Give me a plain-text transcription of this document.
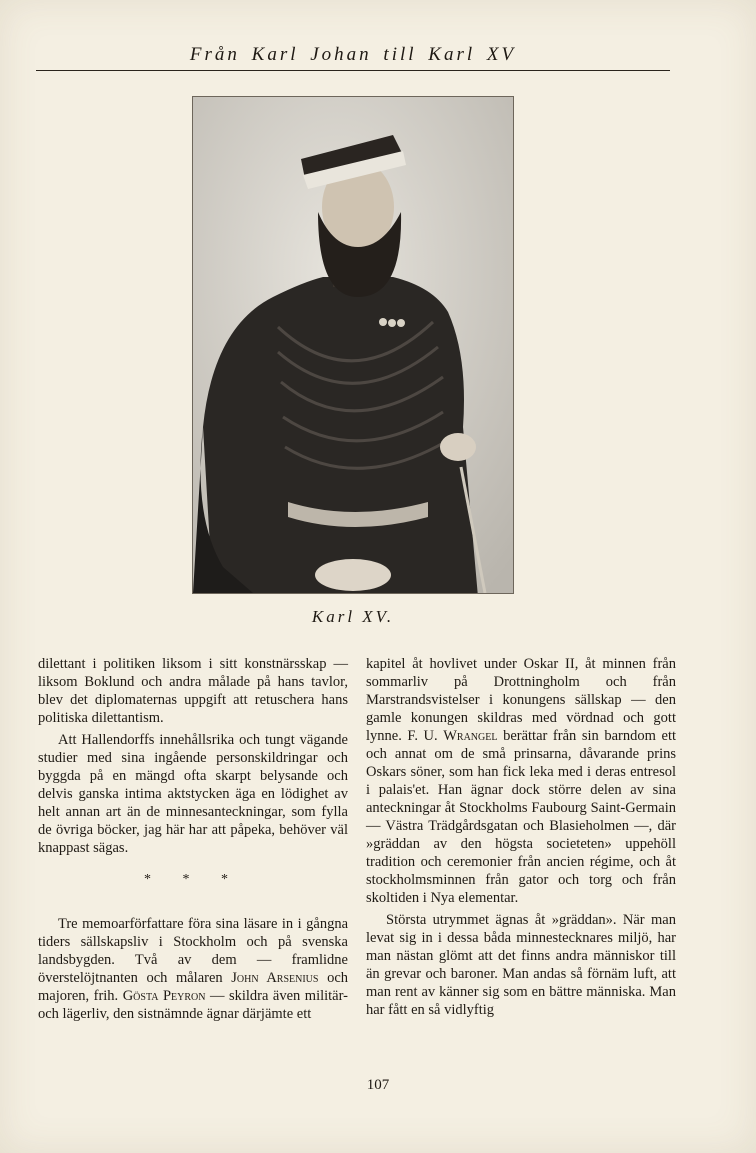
Från Karl Johan till Karl XV
Karl XV.

dilettant i politiken liksom i sitt konstnärsskap — liksom Boklund och andra målade på hans tavlor, blev det diplomaternas uppgift att retuschera hans politiska dilettantism.

Att Hallendorffs innehållsrika och tungt vägande studier med sina ingående personskildringar och byggda på en mängd ofta skarpt belysande och delvis ganska intima aktstycken äga en lödighet av helt annan art än de minnesanteckningar, som fylla de övriga böcker, jag här har att påpeka, behöver väl knappast sägas.

* * *

Tre memoarförfattare föra sina läsare in i gångna tiders sällskapsliv i Stockholm och på svenska landsbygden. Två av dem — framlidne överstelöjtnanten och målaren John Arsenius och majoren, frih. Gösta Peyron — skildra även militär- och lägerliv, den sistnämnde ägnar därjämte ett

kapitel åt hovlivet under Oskar II, åt minnen från sommarliv på Drottningholm och från Marstrandsvistelser i konungens sällskap — den gamle konungen skildras med vördnad och gott lynne. F. U. Wrangel berättar från sin barndom ett och annat om de små prinsarna, dåvarande prins Oskars söner, som han fick leka med i deras entresol i palais'et. Han ägnar dock större delen av sina anteckningar åt Stockholms Faubourg Saint-Germain — Västra Trädgårdsgatan och Blasieholmen —, där »gräddan av den högsta societeten» uppehöll tradition och ceremonier från ancien régime, och åt stockholmsminnen från gator och torg och från skoltiden i Nya elementar.

Största utrymmet ägnas åt »gräddan». När man levat sig in i dessa båda minnestecknares miljö, har man nästan glömt att det finns andra människor till än grevar och baroner. Man andas så förnäm luft, att man rent av känner sig som en bättre människa. Man har fått en så vidlyftig

107
